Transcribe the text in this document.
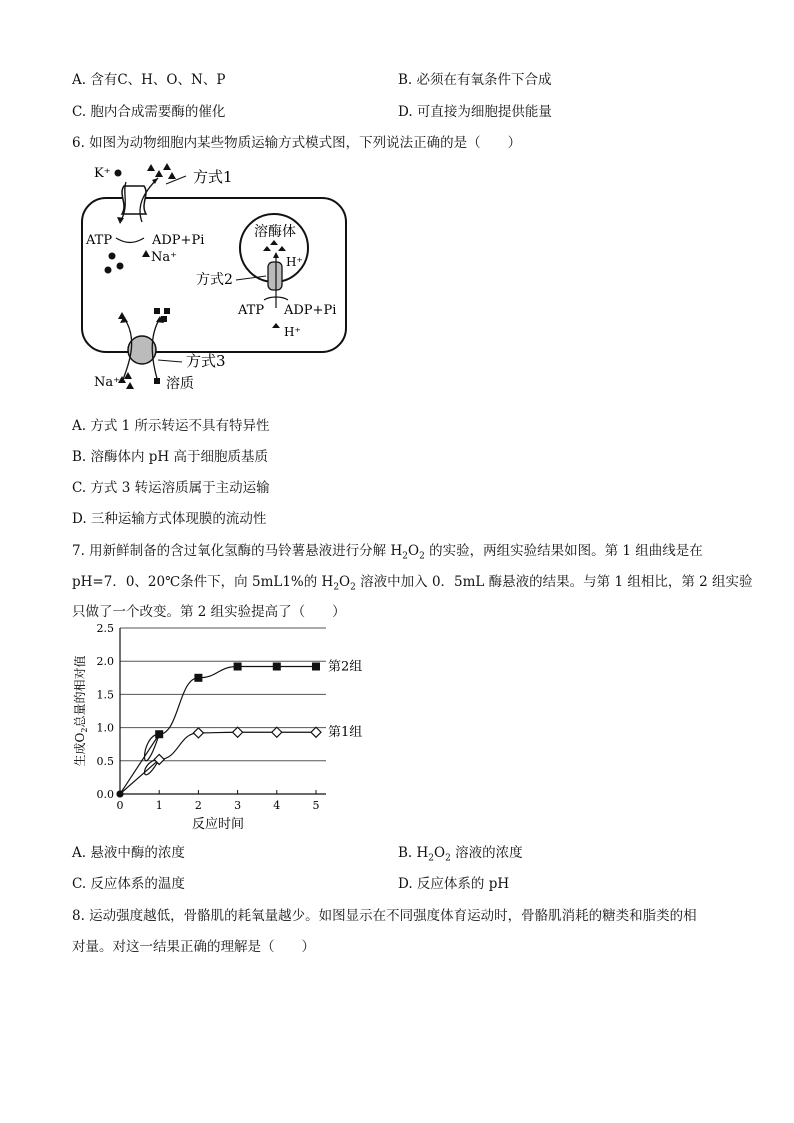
A. 含有C、H、O、N、P	B. 必须在有氧条件下合成
C. 胞内合成需要酶的催化	D. 可直接为细胞提供能量
6. 如图为动物细胞内某些物质运输方式模式图，下列说法正确的是（　　）
K⁺	方式1
ATP	ADP+Pi
Na⁺
溶酶体
H⁺
方式2
ATP ADP+Pi
H⁺
方式3
Na⁺	溶质
A. 方式 1 所示转运不具有特异性
B. 溶酶体内 pH 高于细胞质基质
C. 方式 3 转运溶质属于主动运输
D. 三种运输方式体现膜的流动性
7. 用新鲜制备的含过氧化氢酶的马铃薯悬液进行分解 $H_2O_2$ 的实验，两组实验结果如图。第 1 组曲线是在
pH=7．0、20℃条件下，向 5mL1%的 $H_2O_2$ 溶液中加入 0．5mL 酶悬液的结果。与第 1 组相比，第 2 组实验
只做了一个改变。第 2 组实验提高了（　　）
0.0
0.5
1.0
1.5
2.0
2.5
0	1	2	3	4	5
反应时间
生成$O_2$总量的相对值	第2组
第1组
A. 悬液中酶的浓度	B. $H_2O_2$ 溶液的浓度
C. 反应体系的温度	D. 反应体系的 pH
8. 运动强度越低，骨骼肌的耗氧量越少。如图显示在不同强度体育运动时，骨骼肌消耗的糖类和脂类的相
对量。对这一结果正确的理解是（　　）
